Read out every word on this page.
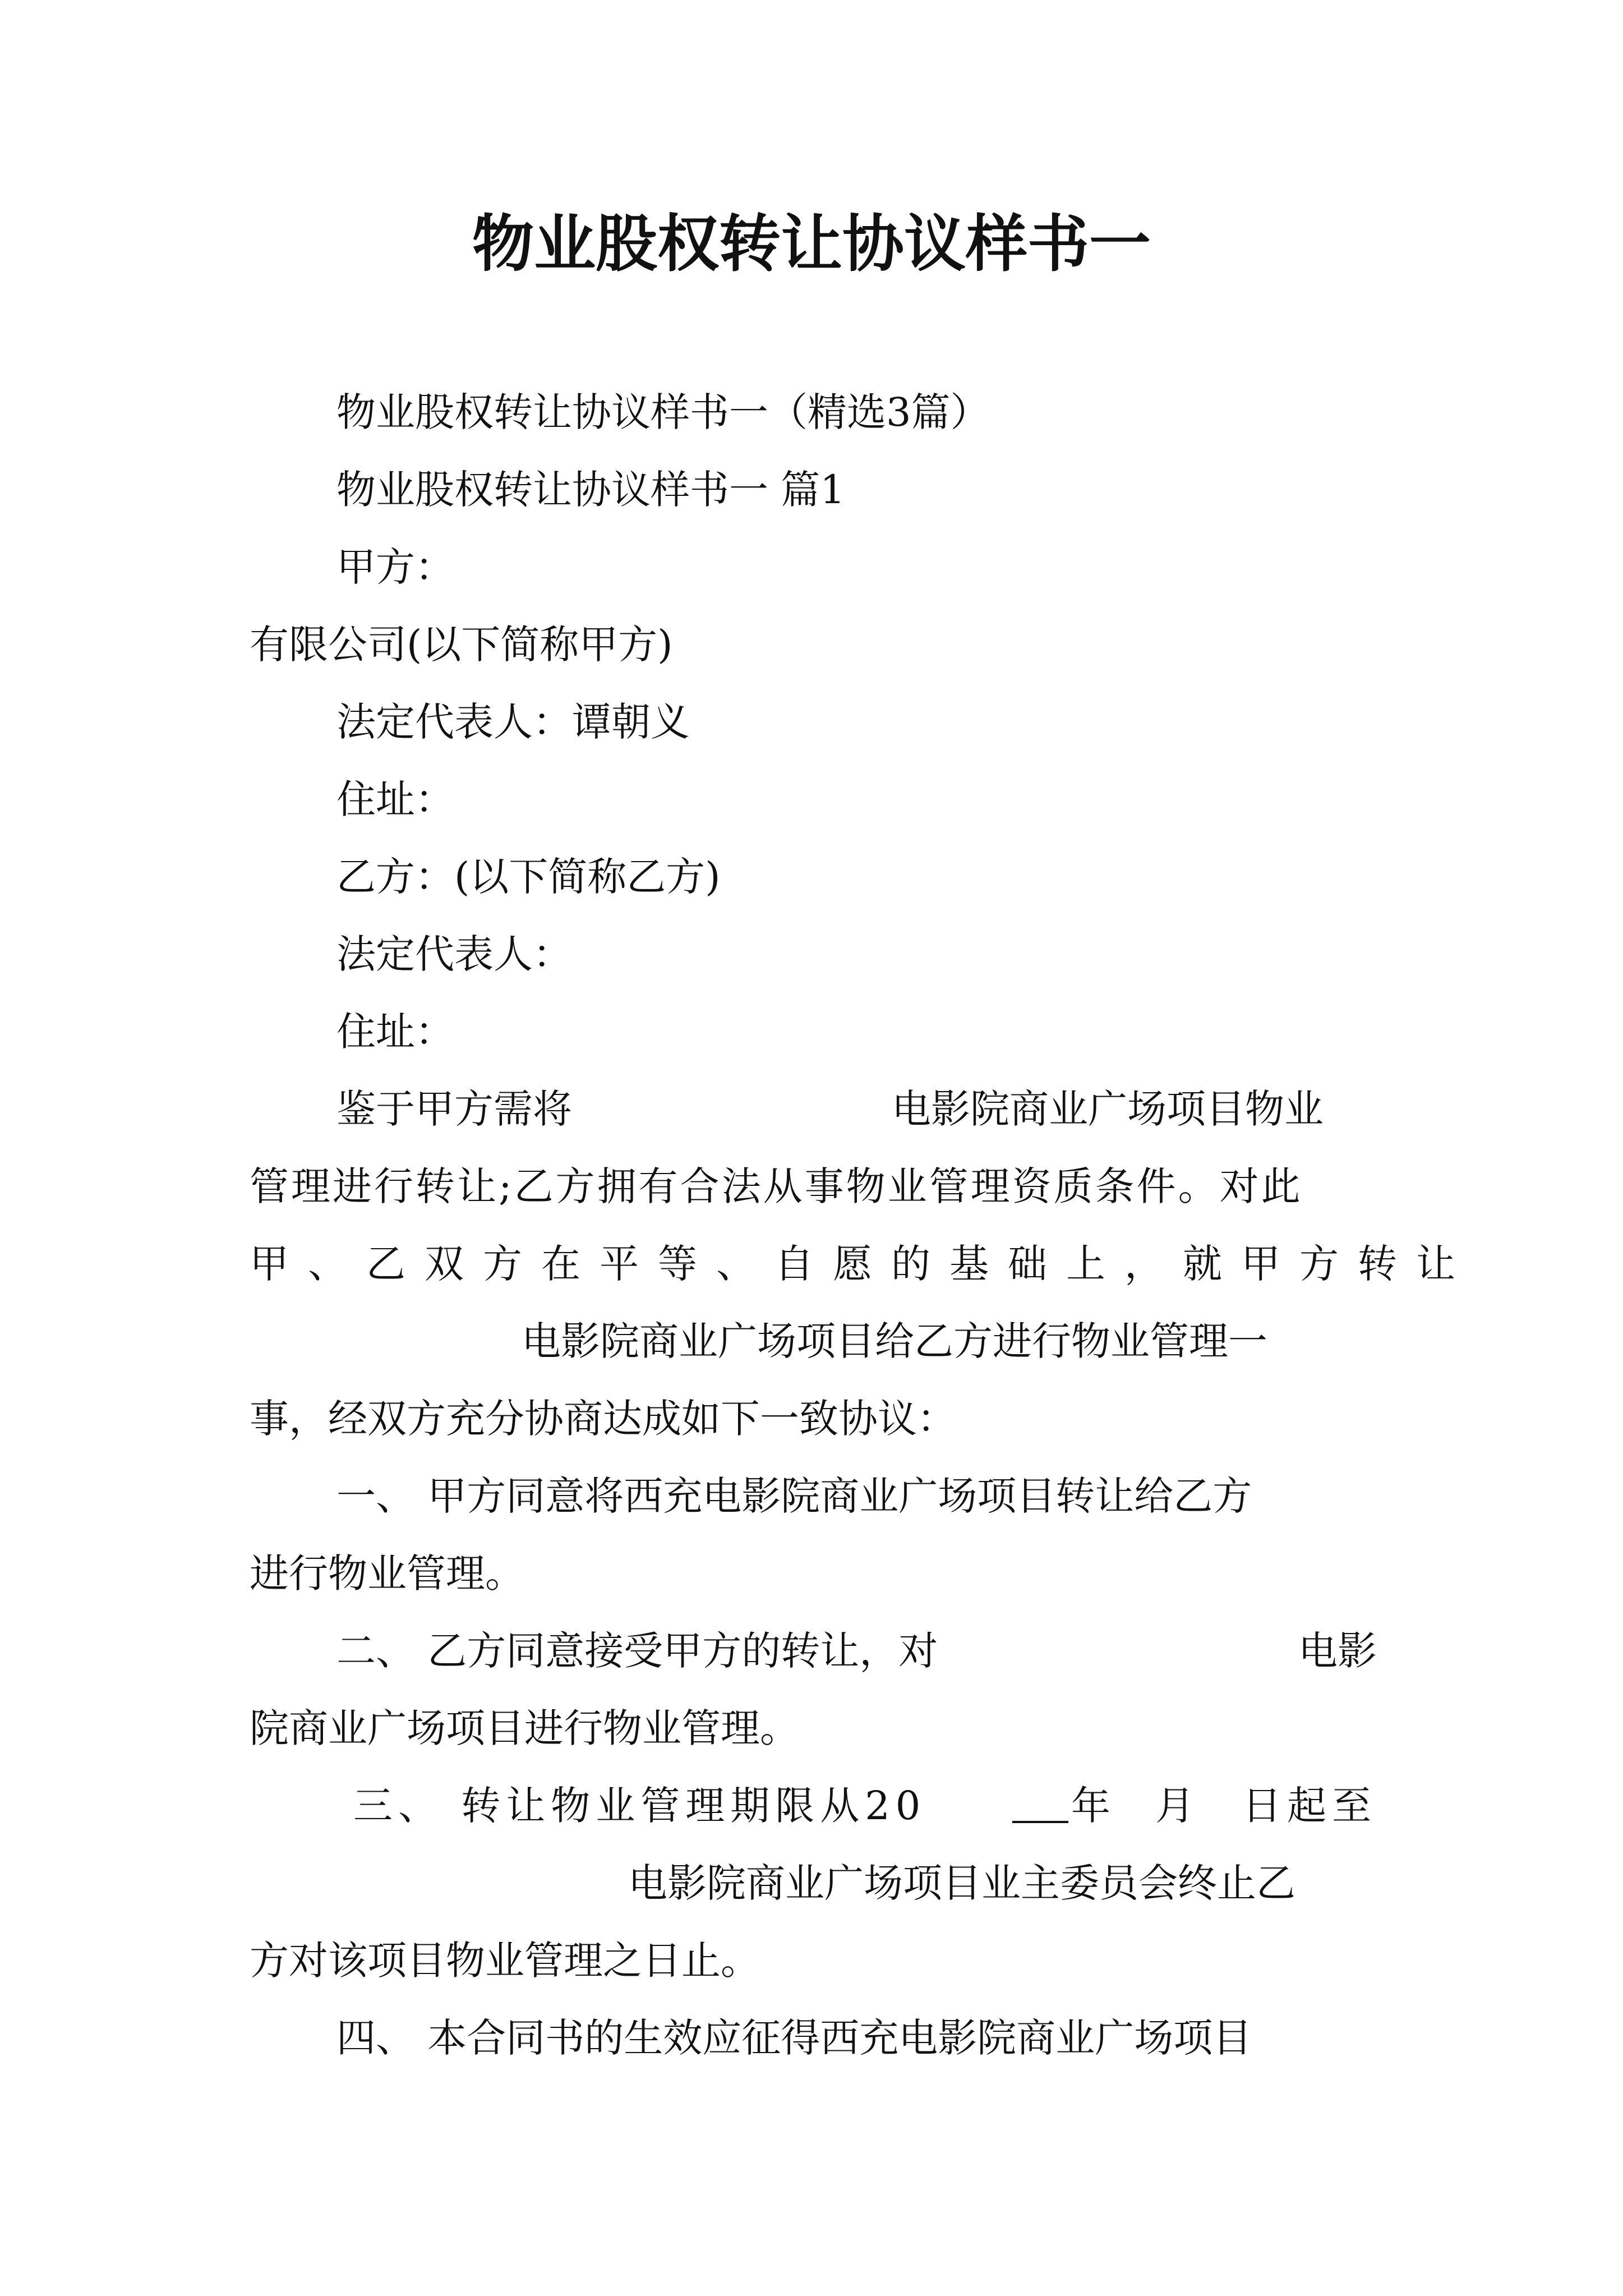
物业股权转让协议样书一
物业股权转让协议样书一（精选3篇）
物业股权转让协议样书一 篇1
甲方：
有限公司(以下简称甲方)
法定代表人：谭朝义
住址：
乙方：(以下简称乙方)
法定代表人：
住址：
鉴于甲方需将	电影院商业广场项目物业
管理进行转让;乙方拥有合法从事物业管理资质条件。对此
甲、乙双方在平等、自愿的基础上，就甲方转让
电影院商业广场项目给乙方进行物业管理一
事，经双方充分协商达成如下一致协议：
一、 甲方同意将西充电影院商业广场项目转让给乙方
进行物业管理。
二、 乙方同意接受甲方的转让，对	电影
院商业广场项目进行物业管理。
三、 转让物业管理期限从20	年 月 日起至
电影院商业广场项目业主委员会终止乙
方对该项目物业管理之日止。
四、 本合同书的生效应征得西充电影院商业广场项目
